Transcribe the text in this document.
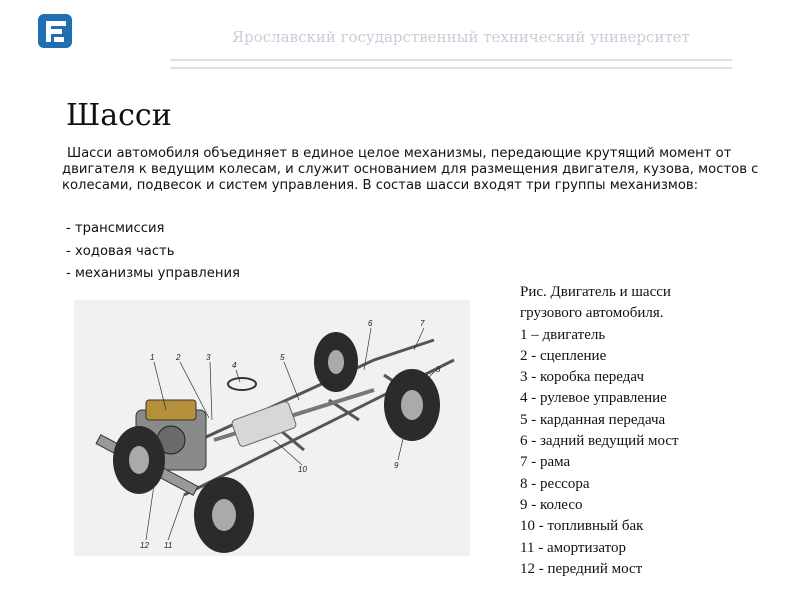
Ярославский государственный технический университет
Шасси
Шасси автомобиля объединяет в единое целое механизмы, передающие крутящий момент от двигателя к ведущим колесам, и служит основанием для размещения двигателя, кузова, мостов с колесами, подвесок и систем управления. В состав шасси входят три группы механизмов:
- трансмиссия
- ходовая часть
- механизмы управления
1	2	3
4
5
6	7
8
9
10
11
12
Рис. Двигатель и шасси
грузового автомобиля.
1 – двигатель
2 - сцепление
3 - коробка передач
4 - рулевое управление
5 - карданная передача
6 - задний ведущий мост
7 - рама
8 - рессора
9 - колесо
10 - топливный бак
11 - амортизатор
12 - передний мост
